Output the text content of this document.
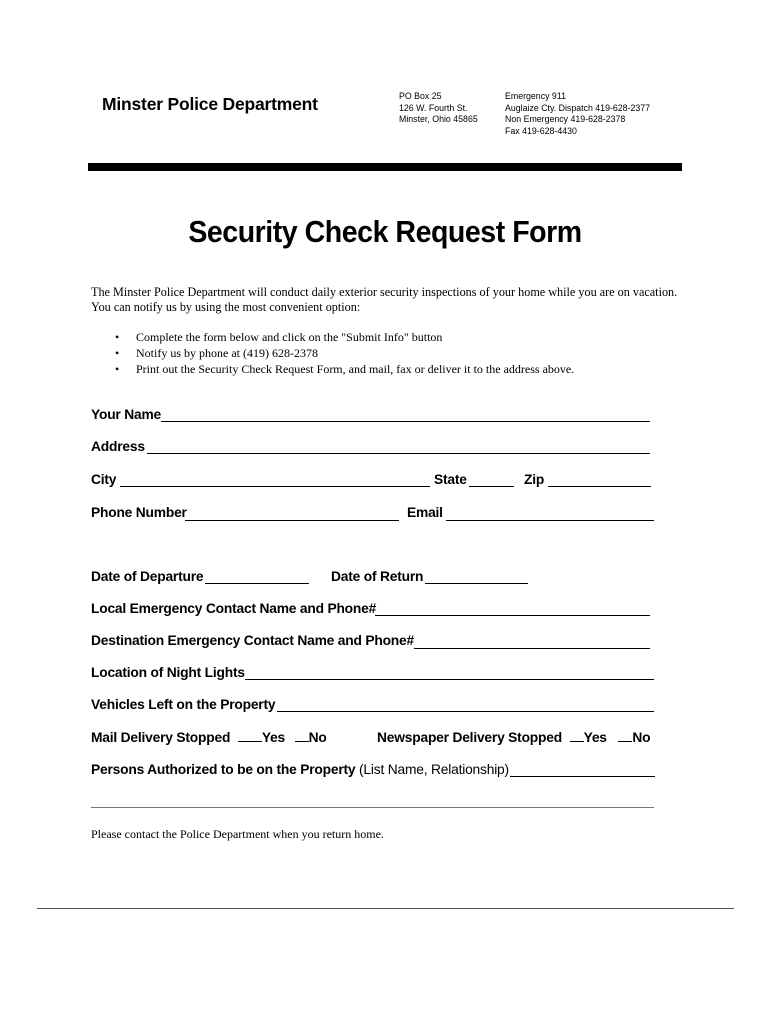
Minster Police Department	PO Box 25
126 W. Fourth St.
Minster, Ohio 45865
Emergency 911
Auglaize Cty. Dispatch 419-628-2377
Non Emergency 419-628-2378
Fax 419-628-4430
Security Check Request Form
The Minster Police Department will conduct daily exterior security inspections of your home while you are on vacation.
You can notify us by using the most convenient option:
• Complete the form below and click on the "Submit Info" button
• Notify us by phone at (419) 628-2378
• Print out the Security Check Request Form, and mail, fax or deliver it to the address above.
Your Name
Address
City	State	Zip
Phone Number	Email
Date of Departure	Date of Return
Local Emergency Contact Name and Phone#
Destination Emergency Contact Name and Phone#
Location of Night Lights
Vehicles Left on the Property
Mail Delivery Stopped Yes No	Newspaper Delivery Stopped Yes No
Persons Authorized to be on the Property (List Name, Relationship)
Please contact the Police Department when you return home.
